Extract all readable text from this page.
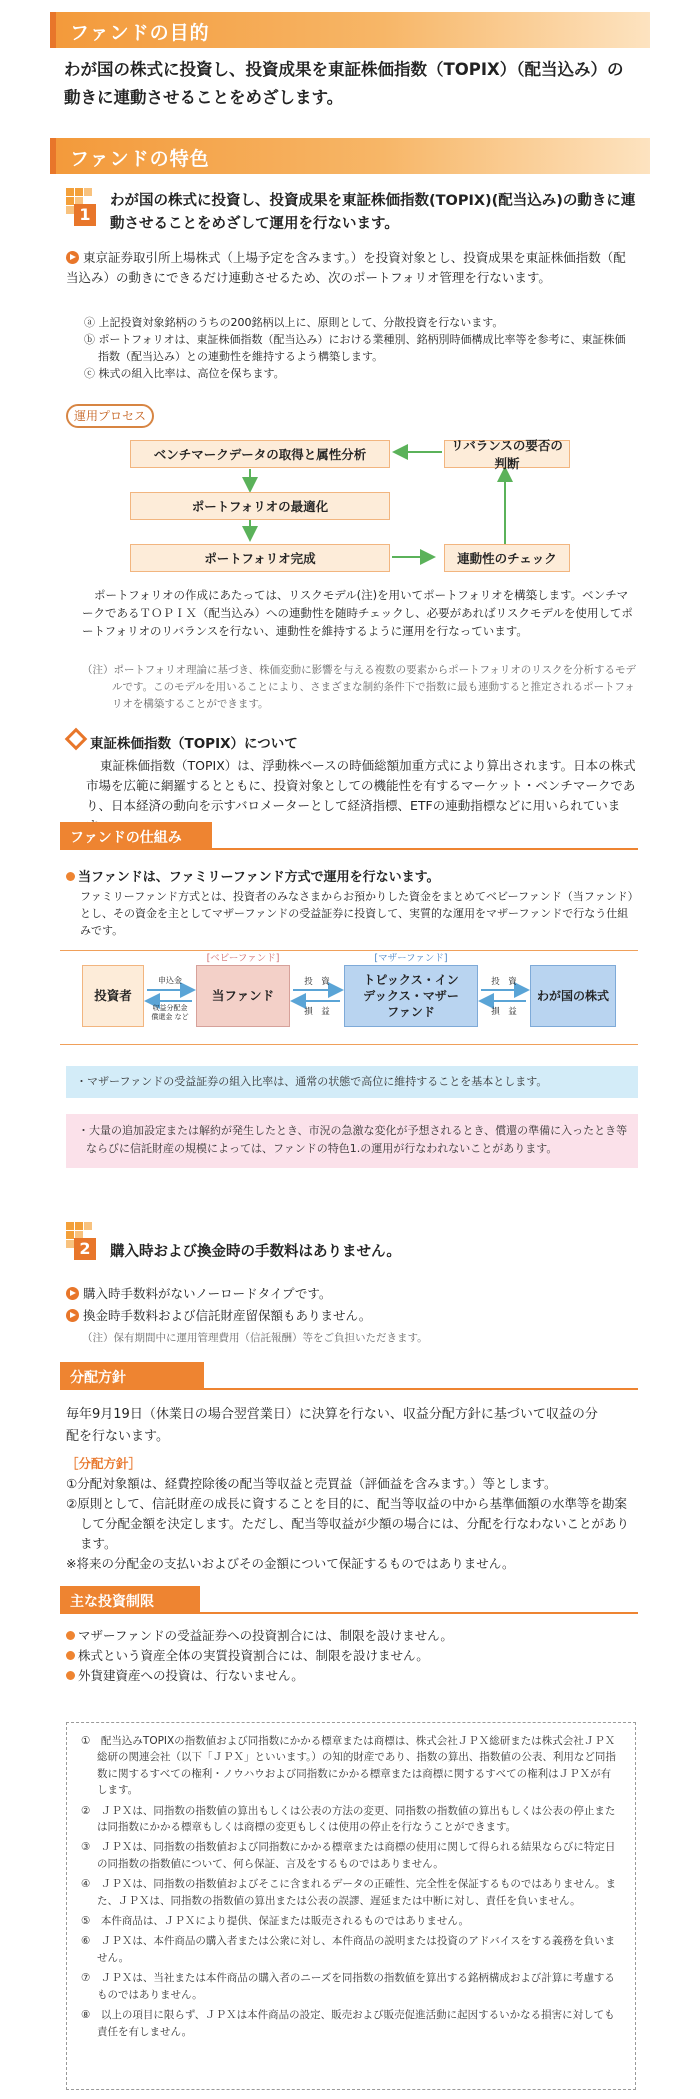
ファンドの目的
わが国の株式に投資し、投資成果を東証株価指数（TOPIX）（配当込み）の動きに連動させることをめざします。
ファンドの特色
1
わが国の株式に投資し、投資成果を東証株価指数(TOPIX)(配当込み)の動きに連動させることをめざして運用を行ないます。
東京証券取引所上場株式（上場予定を含みます。）を投資対象とし、投資成果を東証株価指数（配当込み）の動きにできるだけ連動させるため、次のポートフォリオ管理を行ないます。
ⓐ 上記投資対象銘柄のうちの200銘柄以上に、原則として、分散投資を行ないます。
ⓑ ポートフォリオは、東証株価指数（配当込み）における業種別、銘柄別時価構成比率等を参考に、東証株価指数（配当込み）との連動性を維持するよう構築します。
ⓒ 株式の組入比率は、高位を保ちます。
運用プロセス
ベンチマークデータの取得と属性分析
リバランスの要否の判断
ポートフォリオの最適化
ポートフォリオ完成	連動性のチェック
ポートフォリオの作成にあたっては、リスクモデル(注)を用いてポートフォリオを構築します。ベンチマークであるＴＯＰＩＸ（配当込み）への連動性を随時チェックし、必要があればリスクモデルを使用してポートフォリオのリバランスを行ない、連動性を維持するように運用を行なっています。
（注）ポートフォリオ理論に基づき、株価変動に影響を与える複数の要素からポートフォリオのリスクを分析するモデルです。このモデルを用いることにより、さまざまな制約条件下で指数に最も連動すると推定されるポートフォリオを構築することができます。
東証株価指数（TOPIX）について
東証株価指数（TOPIX）は、浮動株ベースの時価総額加重方式により算出されます。日本の株式市場を広範に網羅するとともに、投資対象としての機能性を有するマーケット・ベンチマークであり、日本経済の動向を示すバロメーターとして経済指標、ETFの連動指標などに用いられていま
ファンドの仕組み
当ファンドは、ファミリーファンド方式で運用を行ないます。
ファミリーファンド方式とは、投資者のみなさまからお預かりした資金をまとめてベビーファンド（当ファンド）とし、その資金を主としてマザーファンドの受益証券に投資して、実質的な運用をマザーファンドで行なう仕組みです。
投資者
[ベビーファンド]
当ファンド
[マザーファンド]
トピックス・インデックス・マザーファンド
わが国の株式
申込金
収益分配金 償還金 など
投　資
損　益
投　資
損　益
・マザーファンドの受益証券の組入比率は、通常の状態で高位に維持することを基本とします。
・大量の追加設定または解約が発生したとき、市況の急激な変化が予想されるとき、償還の準備に入ったとき等ならびに信託財産の規模によっては、ファンドの特色1.の運用が行なわれないことがあります。
2	購入時および換金時の手数料はありません。
購入時手数料がないノーロードタイプです。
換金時手数料および信託財産留保額もありません。
（注）保有期間中に運用管理費用（信託報酬）等をご負担いただきます。
分配方針
毎年9月19日（休業日の場合翌営業日）に決算を行ない、収益分配方針に基づいて収益の分配を行ないます。
［分配方針］
①分配対象額は、経費控除後の配当等収益と売買益（評価益を含みます。）等とします。
②原則として、信託財産の成長に資することを目的に、配当等収益の中から基準価額の水準等を勘案して分配金額を決定します。ただし、配当等収益が少額の場合には、分配を行なわないことがあります。
※将来の分配金の支払いおよびその金額について保証するものではありません。
主な投資制限
マザーファンドの受益証券への投資割合には、制限を設けません。
株式という資産全体の実質投資割合には、制限を設けません。
外貨建資産への投資は、行ないません。
①　配当込みTOPIXの指数値および同指数にかかる標章または商標は、株式会社ＪＰＸ総研または株式会社ＪＰＸ総研の関連会社（以下「ＪＰＸ」といいます。）の知的財産であり、指数の算出、指数値の公表、利用など同指数に関するすべての権利・ノウハウおよび同指数にかかる標章または商標に関するすべての権利はＪＰＸが有します。
②　ＪＰＸは、同指数の指数値の算出もしくは公表の方法の変更、同指数の指数値の算出もしくは公表の停止または同指数にかかる標章もしくは商標の変更もしくは使用の停止を行なうことができます。
③　ＪＰＸは、同指数の指数値および同指数にかかる標章または商標の使用に関して得られる結果ならびに特定日の同指数の指数値について、何ら保証、言及をするものではありません。
④　ＪＰＸは、同指数の指数値およびそこに含まれるデータの正確性、完全性を保証するものではありません。また、ＪＰＸは、同指数の指数値の算出または公表の誤謬、遅延または中断に対し、責任を負いません。
⑤　本件商品は、ＪＰＸにより提供、保証または販売されるものではありません。
⑥　ＪＰＸは、本件商品の購入者または公衆に対し、本件商品の説明または投資のアドバイスをする義務を負いません。
⑦　ＪＰＸは、当社または本件商品の購入者のニーズを同指数の指数値を算出する銘柄構成および計算に考慮するものではありません。
⑧　以上の項目に限らず、ＪＰＸは本件商品の設定、販売および販売促進活動に起因するいかなる損害に対しても責任を有しません。
